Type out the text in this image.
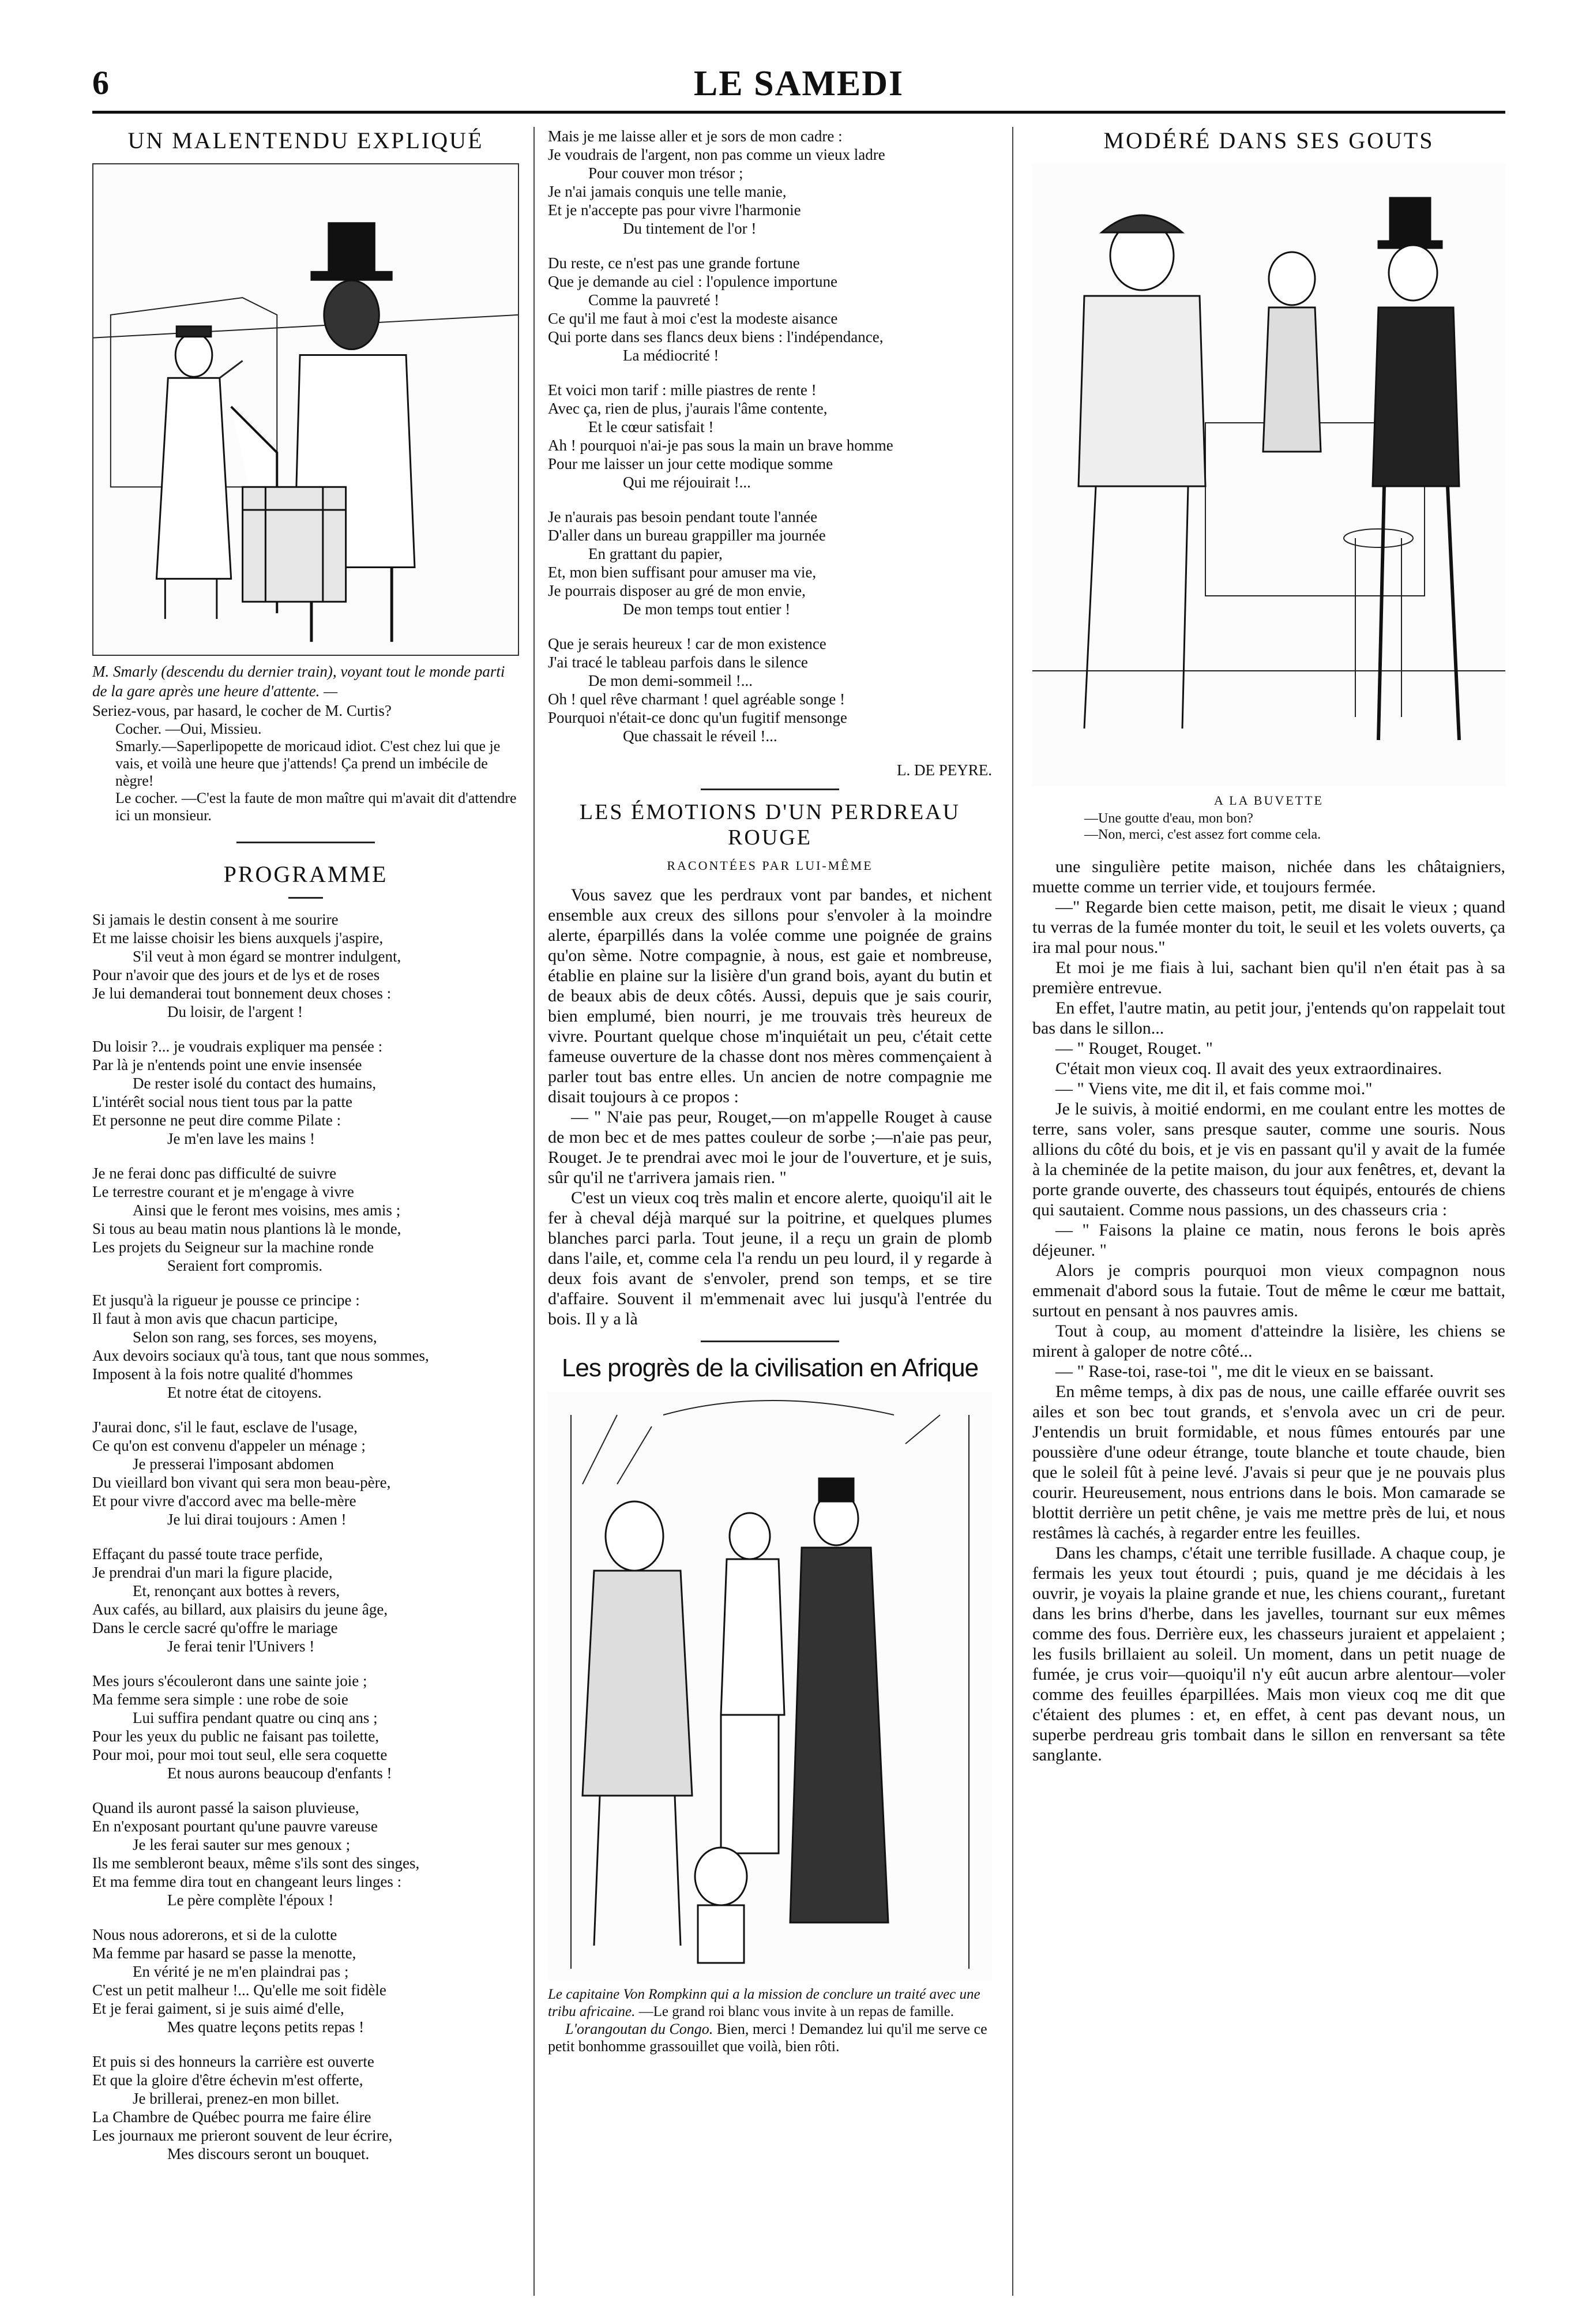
6	LE SAMEDI
UN MALENTENDU EXPLIQUÉ
M. Smarly (descendu du dernier train), voyant tout le monde parti de la gare après une heure d'attente. —
Seriez-vous, par hasard, le cocher de M. Curtis?
Cocher. —Oui, Missieu.
Smarly.—Saperlipopette de moricaud idiot. C'est chez lui que je vais, et voilà une heure que j'attends! Ça prend un imbécile de nègre!
Le cocher. —C'est la faute de mon maître qui m'avait dit d'attendre ici un monsieur.
PROGRAMME
Si jamais le destin consent à me sourire
Et me laisse choisir les biens auxquels j'aspire,
S'il veut à mon égard se montrer indulgent,
Pour n'avoir que des jours et de lys et de roses
Je lui demanderai tout bonnement deux choses :
Du loisir, de l'argent !
Du loisir ?... je voudrais expliquer ma pensée :
Par là je n'entends point une envie insensée
De rester isolé du contact des humains,
L'intérêt social nous tient tous par la patte
Et personne ne peut dire comme Pilate :
Je m'en lave les mains !
Je ne ferai donc pas difficulté de suivre
Le terrestre courant et je m'engage à vivre
Ainsi que le feront mes voisins, mes amis ;
Si tous au beau matin nous plantions là le monde,
Les projets du Seigneur sur la machine ronde
Seraient fort compromis.
Et jusqu'à la rigueur je pousse ce principe :
Il faut à mon avis que chacun participe,
Selon son rang, ses forces, ses moyens,
Aux devoirs sociaux qu'à tous, tant que nous sommes,
Imposent à la fois notre qualité d'hommes
Et notre état de citoyens.
J'aurai donc, s'il le faut, esclave de l'usage,
Ce qu'on est convenu d'appeler un ménage ;
Je presserai l'imposant abdomen
Du vieillard bon vivant qui sera mon beau-père,
Et pour vivre d'accord avec ma belle-mère
Je lui dirai toujours : Amen !
Effaçant du passé toute trace perfide,
Je prendrai d'un mari la figure placide,
Et, renonçant aux bottes à revers,
Aux cafés, au billard, aux plaisirs du jeune âge,
Dans le cercle sacré qu'offre le mariage
Je ferai tenir l'Univers !
Mes jours s'écouleront dans une sainte joie ;
Ma femme sera simple : une robe de soie
Lui suffira pendant quatre ou cinq ans ;
Pour les yeux du public ne faisant pas toilette,
Pour moi, pour moi tout seul, elle sera coquette
Et nous aurons beaucoup d'enfants !
Quand ils auront passé la saison pluvieuse,
En n'exposant pourtant qu'une pauvre vareuse
Je les ferai sauter sur mes genoux ;
Ils me sembleront beaux, même s'ils sont des singes,
Et ma femme dira tout en changeant leurs linges :
Le père complète l'époux !
Nous nous adorerons, et si de la culotte
Ma femme par hasard se passe la menotte,
En vérité je ne m'en plaindrai pas ;
C'est un petit malheur !... Qu'elle me soit fidèle
Et je ferai gaiment, si je suis aimé d'elle,
Mes quatre leçons petits repas !
Et puis si des honneurs la carrière est ouverte
Et que la gloire d'être échevin m'est offerte,
Je brillerai, prenez-en mon billet.
La Chambre de Québec pourra me faire élire
Les journaux me prieront souvent de leur écrire,
Mes discours seront un bouquet.
Mais je me laisse aller et je sors de mon cadre :
Je voudrais de l'argent, non pas comme un vieux ladre
Pour couver mon trésor ;
Je n'ai jamais conquis une telle manie,
Et je n'accepte pas pour vivre l'harmonie
Du tintement de l'or !
Du reste, ce n'est pas une grande fortune
Que je demande au ciel : l'opulence importune
Comme la pauvreté !
Ce qu'il me faut à moi c'est la modeste aisance
Qui porte dans ses flancs deux biens : l'indépendance,
La médiocrité !
Et voici mon tarif : mille piastres de rente !
Avec ça, rien de plus, j'aurais l'âme contente,
Et le cœur satisfait !
Ah ! pourquoi n'ai-je pas sous la main un brave homme
Pour me laisser un jour cette modique somme
Qui me réjouirait !...
Je n'aurais pas besoin pendant toute l'année
D'aller dans un bureau grappiller ma journée
En grattant du papier,
Et, mon bien suffisant pour amuser ma vie,
Je pourrais disposer au gré de mon envie,
De mon temps tout entier !
Que je serais heureux ! car de mon existence
J'ai tracé le tableau parfois dans le silence
De mon demi-sommeil !...
Oh ! quel rêve charmant ! quel agréable songe !
Pourquoi n'était-ce donc qu'un fugitif mensonge
Que chassait le réveil !...
L. DE PEYRE.
LES ÉMOTIONS D'UN PERDREAU ROUGE
RACONTÉES PAR LUI-MÊME

Vous savez que les perdraux vont par bandes, et nichent ensemble aux creux des sillons pour s'envoler à la moindre alerte, éparpillés dans la volée comme une poignée de grains qu'on sème. Notre compagnie, à nous, est gaie et nombreuse, établie en plaine sur la lisière d'un grand bois, ayant du butin et de beaux abis de deux côtés. Aussi, depuis que je sais courir, bien emplumé, bien nourri, je me trouvais très heureux de vivre. Pourtant quelque chose m'inquiétait un peu, c'était cette fameuse ouverture de la chasse dont nos mères commençaient à parler tout bas entre elles. Un ancien de notre compagnie me disait toujours à ce propos :

— " N'aie pas peur, Rouget,—on m'appelle Rouget à cause de mon bec et de mes pattes couleur de sorbe ;—n'aie pas peur, Rouget. Je te prendrai avec moi le jour de l'ouverture, et je suis, sûr qu'il ne t'arrivera jamais rien. "

C'est un vieux coq très malin et encore alerte, quoiqu'il ait le fer à cheval déjà marqué sur la poitrine, et quelques plumes blanches parci parla. Tout jeune, il a reçu un grain de plomb dans l'aile, et, comme cela l'a rendu un peu lourd, il y regarde à deux fois avant de s'envoler, prend son temps, et se tire d'affaire. Souvent il m'emmenait avec lui jusqu'à l'entrée du bois. Il y a là

Les progrès de la civilisation en Afrique
Le capitaine Von Rompkinn qui a la mission de conclure un traité avec une tribu africaine. —Le grand roi blanc vous invite à un repas de famille.
L'orangoutan du Congo. Bien, merci ! Demandez lui qu'il me serve ce petit bonhomme grassouillet que voilà, bien rôti.
MODÉRÉ DANS SES GOUTS
A LA BUVETTE
—Une goutte d'eau, mon bon?
—Non, merci, c'est assez fort comme cela.

une singulière petite maison, nichée dans les châtaigniers, muette comme un terrier vide, et toujours fermée.

—" Regarde bien cette maison, petit, me disait le vieux ; quand tu verras de la fumée monter du toit, le seuil et les volets ouverts, ça ira mal pour nous."

Et moi je me fiais à lui, sachant bien qu'il n'en était pas à sa première entrevue.

En effet, l'autre matin, au petit jour, j'entends qu'on rappelait tout bas dans le sillon...

— " Rouget, Rouget. "

C'était mon vieux coq. Il avait des yeux extraordinaires.

— " Viens vite, me dit il, et fais comme moi."

Je le suivis, à moitié endormi, en me coulant entre les mottes de terre, sans voler, sans presque sauter, comme une souris. Nous allions du côté du bois, et je vis en passant qu'il y avait de la fumée à la cheminée de la petite maison, du jour aux fenêtres, et, devant la porte grande ouverte, des chasseurs tout équipés, entourés de chiens qui sautaient. Comme nous passions, un des chasseurs cria :

— " Faisons la plaine ce matin, nous ferons le bois après déjeuner. "

Alors je compris pourquoi mon vieux compagnon nous emmenait d'abord sous la futaie. Tout de même le cœur me battait, surtout en pensant à nos pauvres amis.

Tout à coup, au moment d'atteindre la lisière, les chiens se mirent à galoper de notre côté...

— " Rase-toi, rase-toi ", me dit le vieux en se baissant.

En même temps, à dix pas de nous, une caille effarée ouvrit ses ailes et son bec tout grands, et s'envola avec un cri de peur. J'entendis un bruit formidable, et nous fûmes entourés par une poussière d'une odeur étrange, toute blanche et toute chaude, bien que le soleil fût à peine levé. J'avais si peur que je ne pouvais plus courir. Heureusement, nous entrions dans le bois. Mon camarade se blottit derrière un petit chêne, je vais me mettre près de lui, et nous restâmes là cachés, à regarder entre les feuilles.

Dans les champs, c'était une terrible fusillade. A chaque coup, je fermais les yeux tout étourdi ; puis, quand je me décidais à les ouvrir, je voyais la plaine grande et nue, les chiens courant,, furetant dans les brins d'herbe, dans les javelles, tournant sur eux mêmes comme des fous. Derrière eux, les chasseurs juraient et appelaient ; les fusils brillaient au soleil. Un moment, dans un petit nuage de fumée, je crus voir—quoiqu'il n'y eût aucun arbre alentour—voler comme des feuilles éparpillées. Mais mon vieux coq me dit que c'étaient des plumes : et, en effet, à cent pas devant nous, un superbe perdreau gris tombait dans le sillon en renversant sa tête sanglante.
